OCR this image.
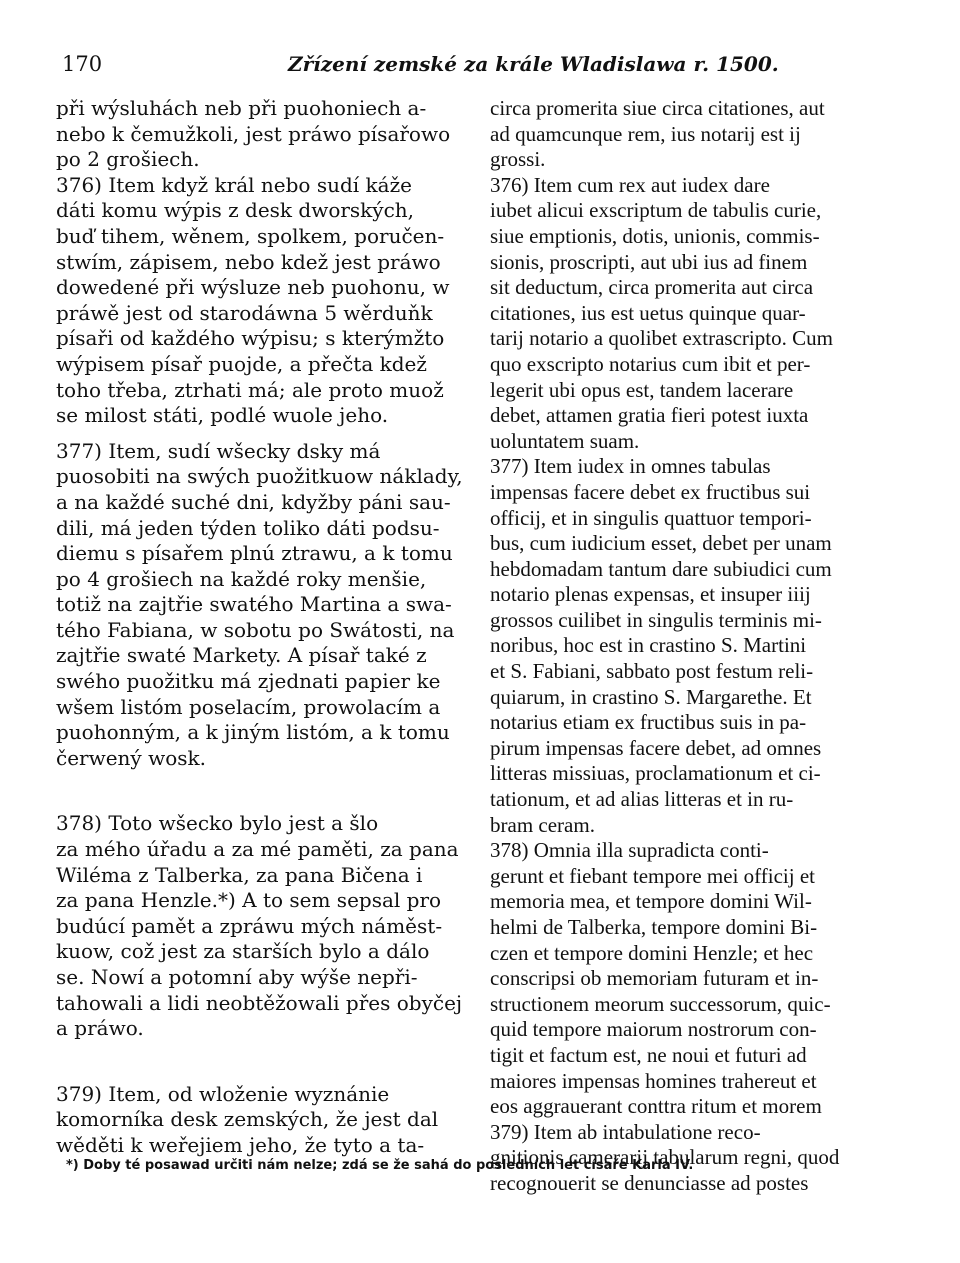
170	Zřízení zemské za krále Wladislawa r. 1500.

při wýsluhách neb při puohoniech a-
nebo k čemužkoli, jest práwo písařowo
po 2 grošiech.

376) Item když král nebo sudí káže
dáti komu wýpis z desk dworských,
buď tihem, wěnem, spolkem, poručen-
stwím, zápisem, nebo kdež jest práwo
dowedené při wýsluze neb puohonu, w
práwě jest od starodáwna 5 wěrduňk
písaři od každého wýpisu; s kterýmžto
wýpisem písař puojde, a přečta kdež
toho třeba, ztrhati má; ale proto muož
se milost státi, podlé wuole jeho.

377) Item, sudí wšecky dsky má
puosobiti na swých puožitkuow náklady,
a na každé suché dni, kdyžby páni sau-
dili, má jeden týden toliko dáti podsu-
diemu s písařem plnú ztrawu, a k tomu
po 4 grošiech na každé roky menšie,
totiž na zajtřie swatého Martina a swa-
tého Fabiana, w sobotu po Swátosti, na
zajtřie swaté Markety. A písař také z
swého puožitku má zjednati papier ke
wšem listóm poselacím, prowolacím a
puohonným, a k jiným listóm, a k tomu
čerwený wosk.

378) Toto wšecko bylo jest a šlo
za mého úřadu a za mé paměti, za pana
Wiléma z Talberka, za pana Bičena i
za pana Henzle.*) A to sem sepsal pro
budúcí pamět a zpráwu mých náměst-
kuow, což jest za starších bylo a dálo
se. Nowí a potomní aby wýše nepři-
tahowali a lidi neobtěžowali přes obyčej
a práwo.

379) Item, od wloženie wyznánie
komorníka desk zemských, že jest dal
wěděti k weřejiem jeho, že tyto a ta-

circa promerita siue circa citationes, aut
ad quamcunque rem, ius notarij est ij
grossi.

376) Item cum rex aut iudex dare
iubet alicui exscriptum de tabulis curie,
siue emptionis, dotis, unionis, commis-
sionis, proscripti, aut ubi ius ad finem
sit deductum, circa promerita aut circa
citationes, ius est uetus quinque quar-
tarij notario a quolibet extrascripto. Cum
quo exscripto notarius cum ibit et per-
legerit ubi opus est, tandem lacerare
debet, attamen gratia fieri potest iuxta
uoluntatem suam.

377) Item iudex in omnes tabulas
impensas facere debet ex fructibus sui
officij, et in singulis quattuor tempori-
bus, cum iudicium esset, debet per unam
hebdomadam tantum dare subiudici cum
notario plenas expensas, et insuper iiij
grossos cuilibet in singulis terminis mi-
noribus, hoc est in crastino S. Martini
et S. Fabiani, sabbato post festum reli-
quiarum, in crastino S. Margarethe. Et
notarius etiam ex fructibus suis in pa-
pirum impensas facere debet, ad omnes
litteras missiuas, proclamationum et ci-
tationum, et ad alias litteras et in ru-
bram ceram.

378) Omnia illa supradicta conti-
gerunt et fiebant tempore mei officij et
memoria mea, et tempore domini Wil-
helmi de Talberka, tempore domini Bi-
czen et tempore domini Henzle; et hec
conscripsi ob memoriam futuram et in-
structionem meorum successorum, quic-
quid tempore maiorum nostrorum con-
tigit et factum est, ne noui et futuri ad
maiores impensas homines trahereut et
eos aggrauerant conttra ritum et morem

379) Item ab intabulatione reco-
gnitionis camerarij tabularum regni, quod
recognouerit se denunciasse ad postes

*) Doby té posawad určiti nám nelze; zdá se že sahá do posledních let císaře Karla IV.
